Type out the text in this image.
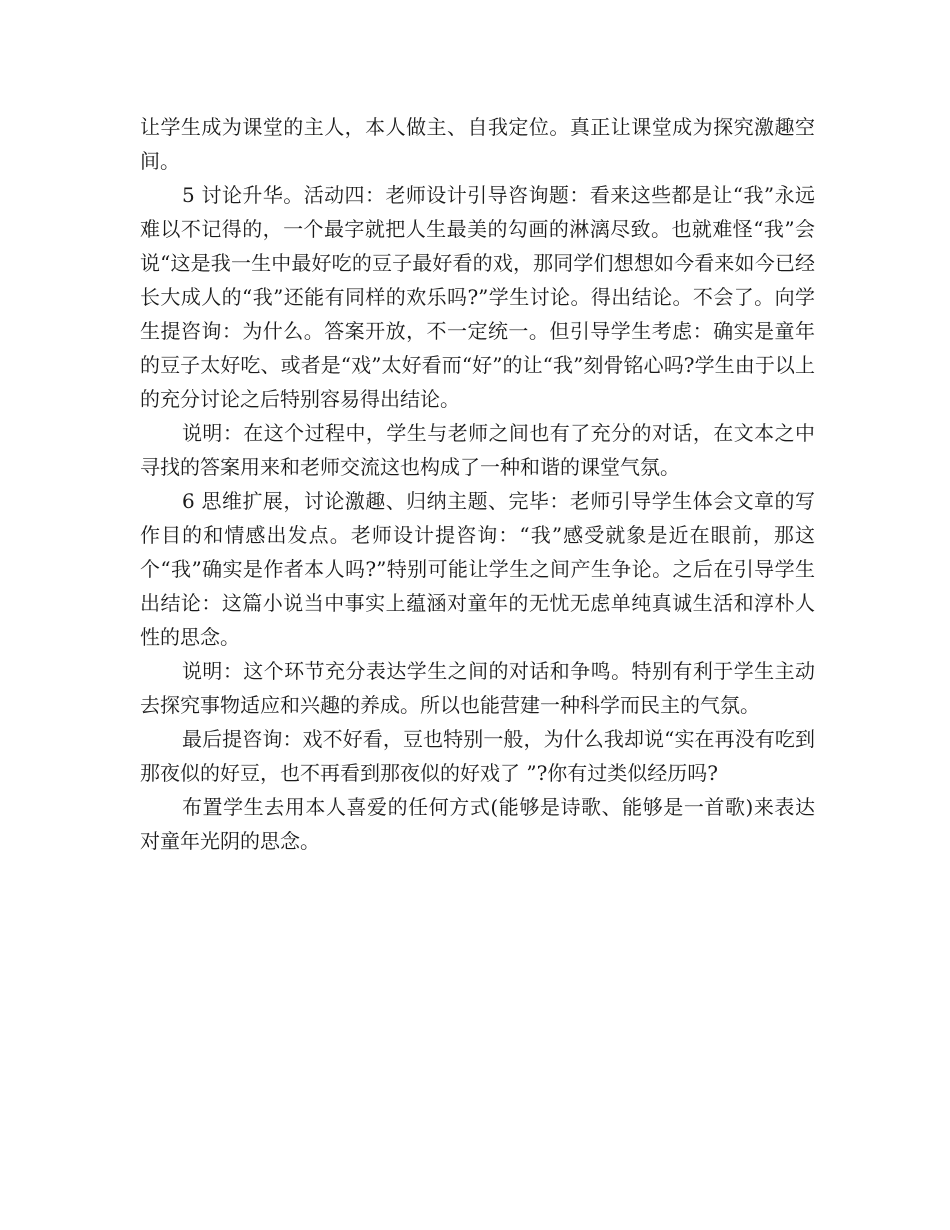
让学生成为课堂的主人，本人做主、自我定位。真正让课堂成为探究激趣空间。

5 讨论升华。活动四：老师设计引导咨询题：看来这些都是让“我”永远难以不记得的，一个最字就把人生最美的勾画的淋漓尽致。也就难怪“我”会说“这是我一生中最好吃的豆子最好看的戏，那同学们想想如今看来如今已经长大成人的“我”还能有同样的欢乐吗?”学生讨论。得出结论。不会了。向学生提咨询：为什么。答案开放，不一定统一。但引导学生考虑：确实是童年的豆子太好吃、或者是“戏”太好看而“好”的让“我”刻骨铭心吗?学生由于以上的充分讨论之后特别容易得出结论。

说明：在这个过程中，学生与老师之间也有了充分的对话，在文本之中寻找的答案用来和老师交流这也构成了一种和谐的课堂气氛。

6 思维扩展，讨论激趣、归纳主题、完毕：老师引导学生体会文章的写作目的和情感出发点。老师设计提咨询：“我”感受就象是近在眼前，那这个“我”确实是作者本人吗?”特别可能让学生之间产生争论。之后在引导学生出结论：这篇小说当中事实上蕴涵对童年的无忧无虑单纯真诚生活和淳朴人性的思念。

说明：这个环节充分表达学生之间的对话和争鸣。特别有利于学生主动去探究事物适应和兴趣的养成。所以也能营建一种科学而民主的气氛。

最后提咨询：戏不好看，豆也特别一般，为什么我却说“实在再没有吃到那夜似的好豆，也不再看到那夜似的好戏了 ”?你有过类似经历吗?

布置学生去用本人喜爱的任何方式(能够是诗歌、能够是一首歌)来表达对童年光阴的思念。
